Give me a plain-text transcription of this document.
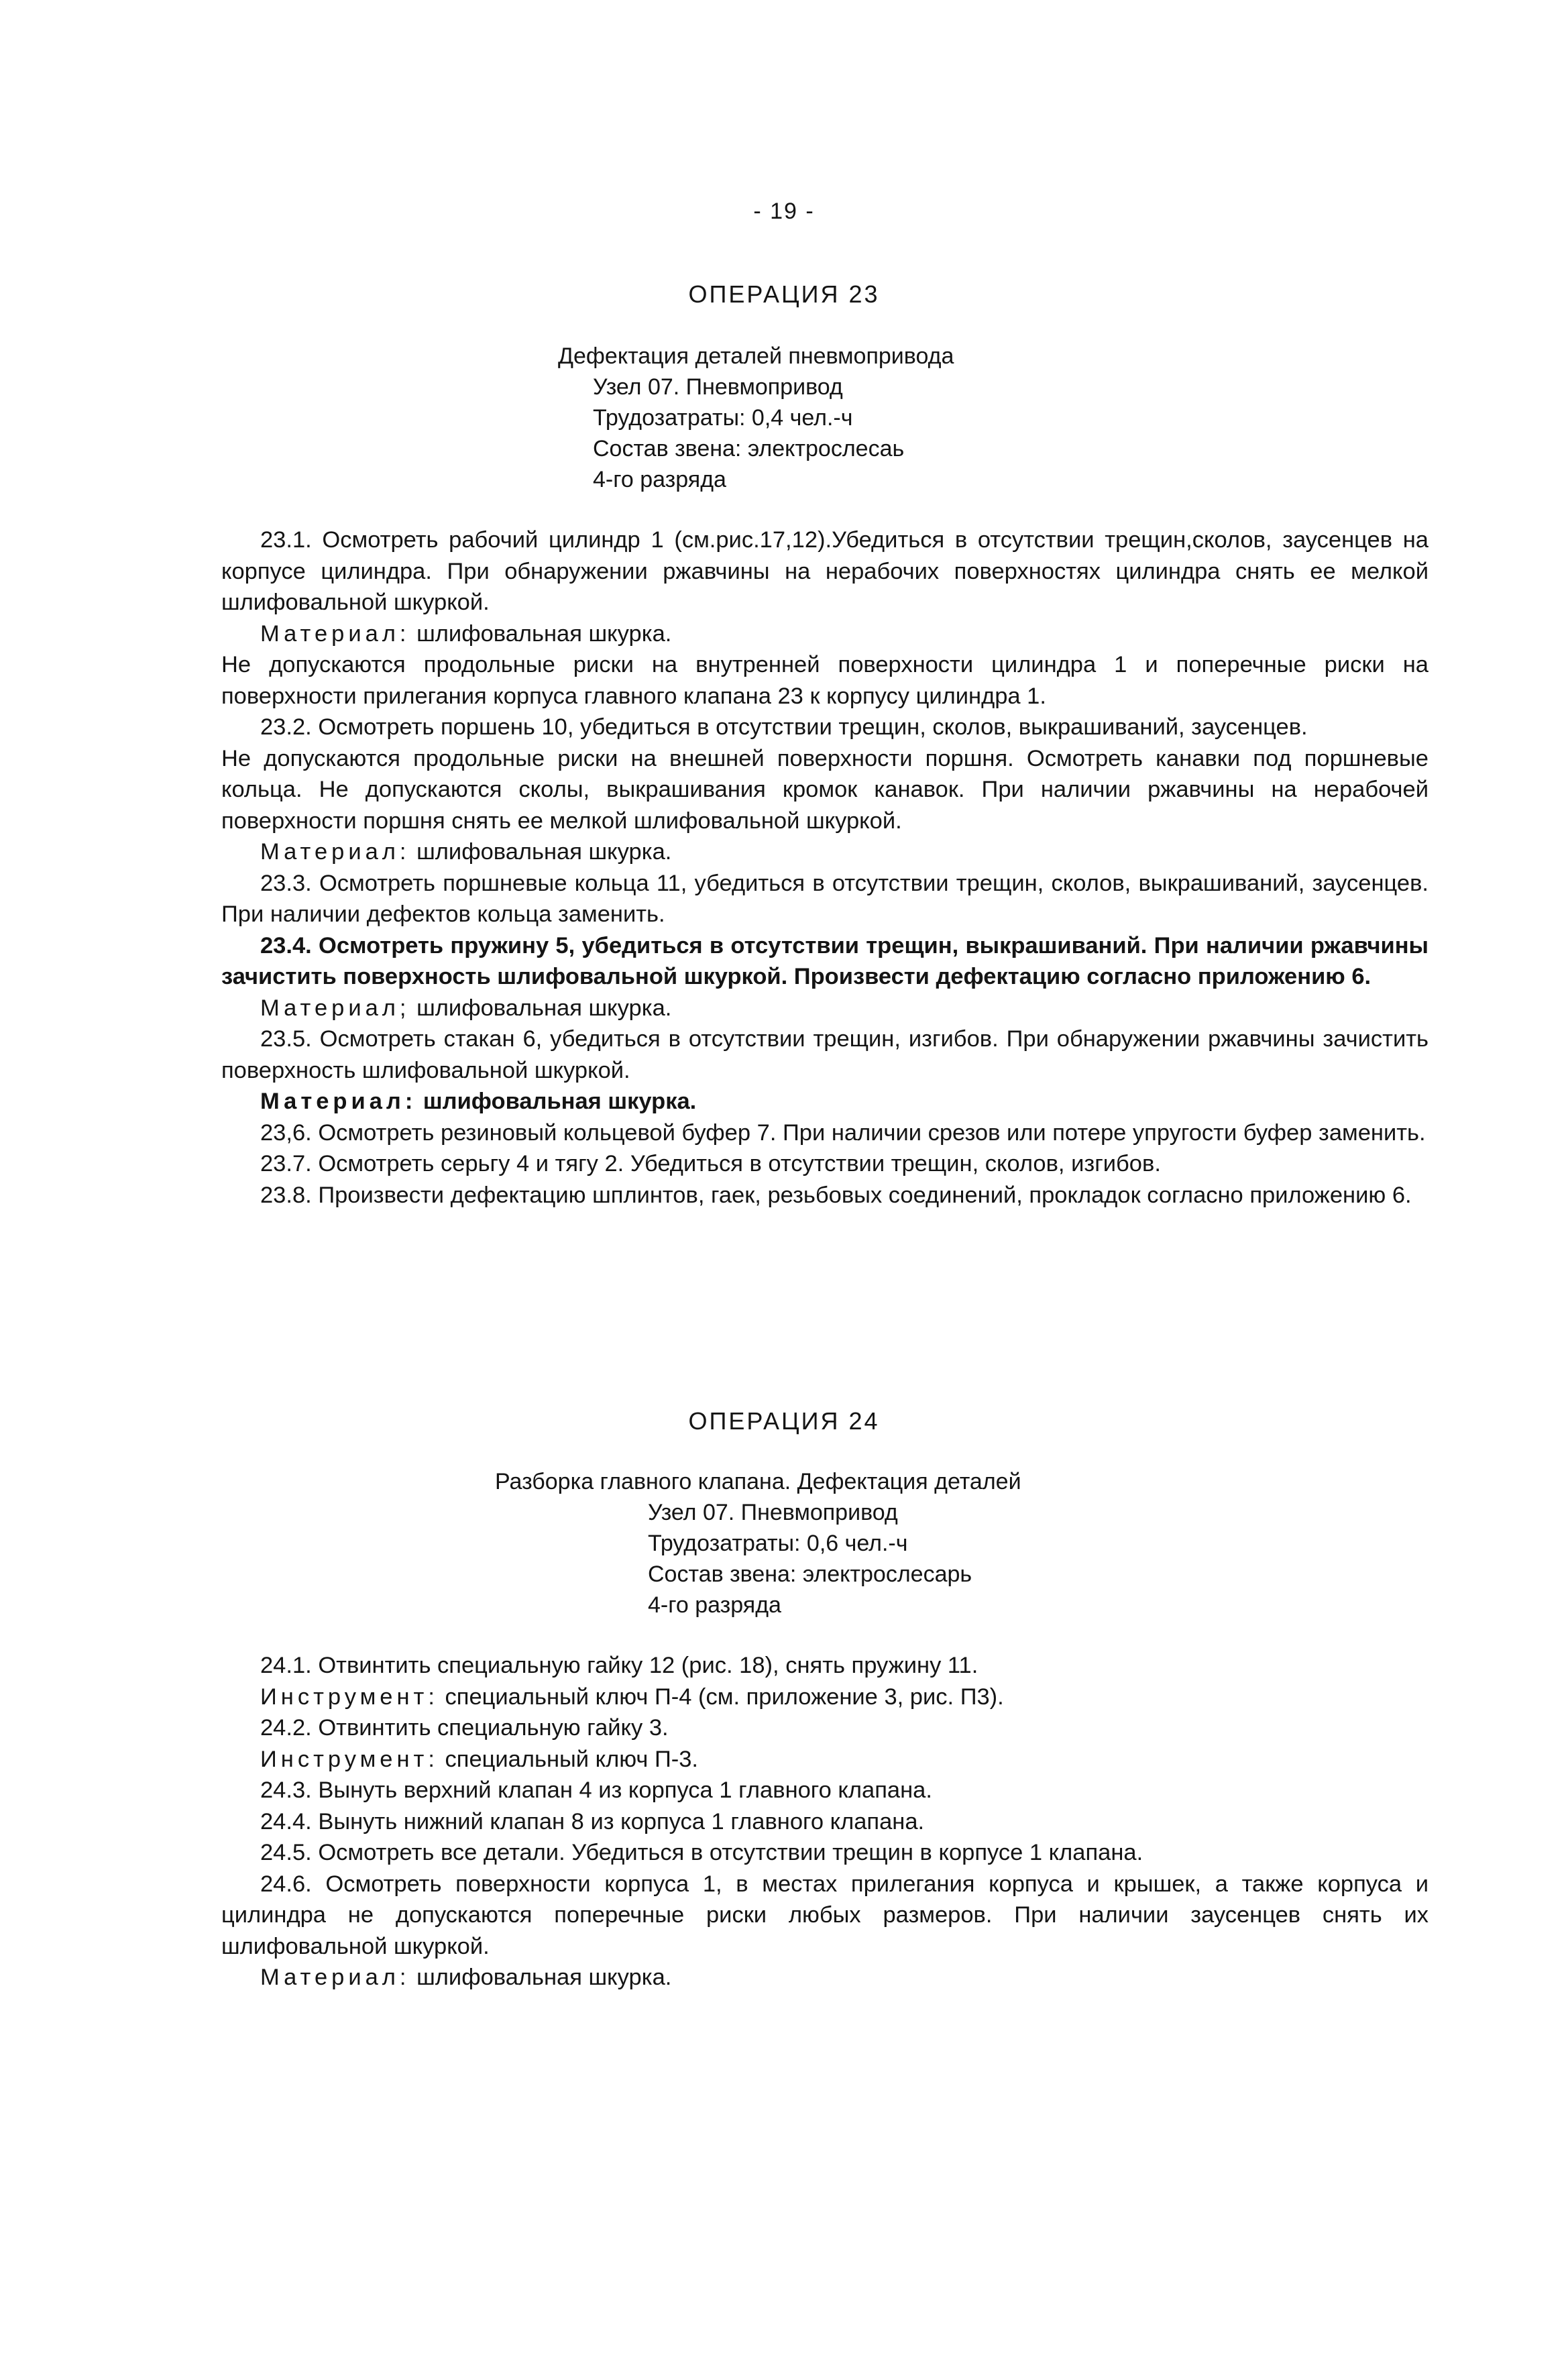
- 19 -
ОПЕРАЦИЯ 23
Дефектация деталей пневмопривода
Узел 07. Пневмопривод
Трудозатраты: 0,4 чел.-ч
Состав звена: электрослесаь
4-го разряда

23.1. Осмотреть рабочий цилиндр 1 (см.рис.17,12).Убедиться в отсутствии трещин,сколов, заусенцев на корпусе цилиндра. При обнаружении ржавчины на нерабочих поверхностях цилиндра снять ее мелкой шлифовальной шкуркой.

Материал: шлифовальная шкурка.

Не допускаются продольные риски на внутренней поверхности цилиндра 1 и поперечные риски на поверхности прилегания корпуса главного клапана 23 к корпусу цилиндра 1.

23.2. Осмотреть поршень 10, убедиться в отсутствии трещин, сколов, выкрашиваний, заусенцев.

Не допускаются продольные риски на внешней поверхности поршня. Осмотреть канавки под поршневые кольца. Не допускаются сколы, выкрашивания кромок канавок. При наличии ржавчины на нерабочей поверхности поршня снять ее мелкой шлифовальной шкуркой.

Материал: шлифовальная шкурка.

23.3. Осмотреть поршневые кольца 11, убедиться в отсутствии трещин, сколов, выкрашиваний, заусенцев. При наличии дефектов кольца заменить.

23.4. Осмотреть пружину 5, убедиться в отсутствии трещин, выкрашиваний. При наличии ржавчины зачистить поверхность шлифовальной шкуркой. Произвести дефектацию согласно приложению 6.

Материал; шлифовальная шкурка.

23.5. Осмотреть стакан 6, убедиться в отсутствии трещин, изгибов. При обнаружении ржавчины зачистить поверхность шлифовальной шкуркой.

Материал: шлифовальная шкурка.

23,6. Осмотреть резиновый кольцевой буфер 7. При наличии срезов или потере упругости буфер заменить.

23.7. Осмотреть серьгу 4 и тягу 2. Убедиться в отсутствии трещин, сколов, изгибов.

23.8. Произвести дефектацию шплинтов, гаек, резьбовых соединений, прокладок согласно приложению 6.

ОПЕРАЦИЯ 24
Разборка главного клапана. Дефектация деталей
Узел 07. Пневмопривод
Трудозатраты: 0,6 чел.-ч
Состав звена: электрослесарь
4-го разряда

24.1. Отвинтить специальную гайку 12 (рис. 18), снять пружину 11.

Инструмент: специальный ключ П-4 (см. приложение 3, рис. П3).

24.2. Отвинтить специальную гайку 3.

Инструмент: специальный ключ П-3.

24.3. Вынуть верхний клапан 4 из корпуса 1 главного клапана.

24.4. Вынуть нижний клапан 8 из корпуса 1 главного клапана.

24.5. Осмотреть все детали. Убедиться в отсутствии трещин в корпусе 1 клапана.

24.6. Осмотреть поверхности корпуса 1, в местах прилегания корпуса и крышек, а также корпуса и цилиндра не допускаются поперечные риски любых размеров. При наличии заусенцев снять их шлифовальной шкуркой.

Материал: шлифовальная шкурка.
